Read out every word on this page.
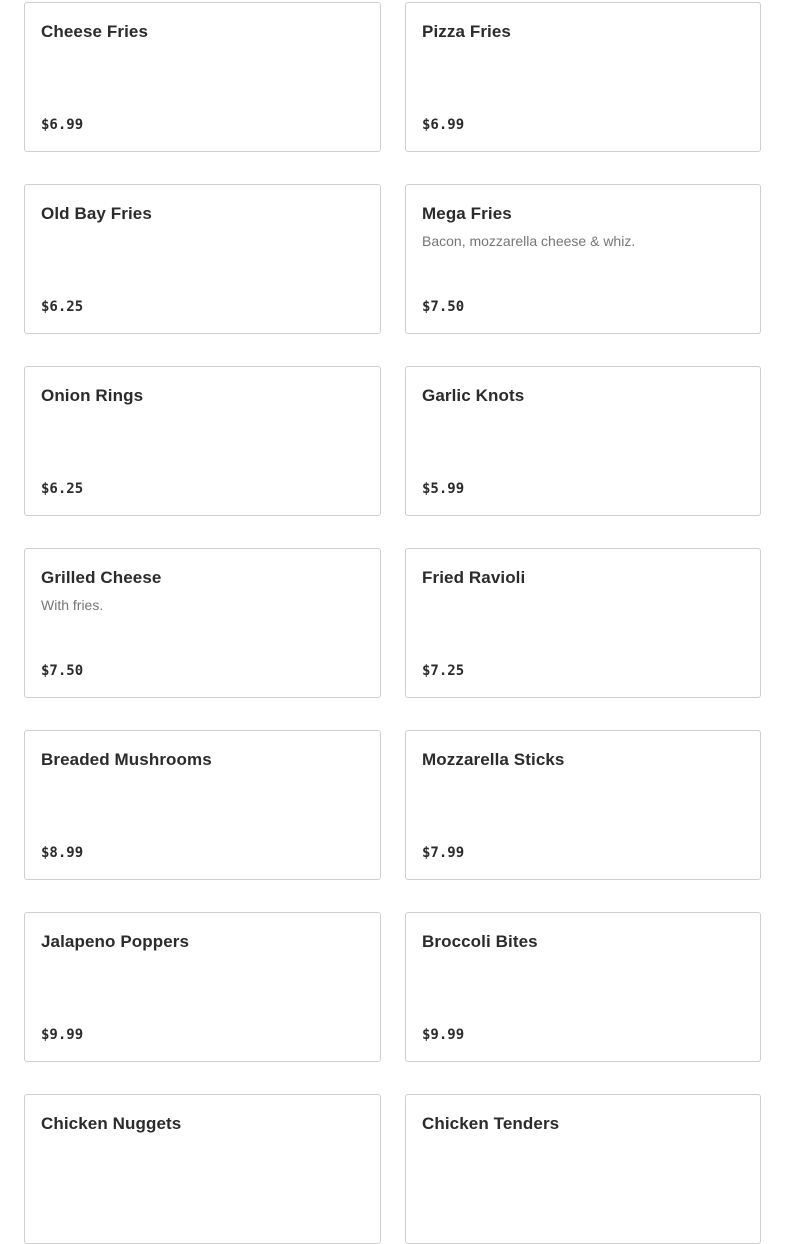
Cheese Fries
$6.99
Pizza Fries
$6.99
Old Bay Fries
$6.25
Mega Fries
Bacon, mozzarella cheese & whiz.
$7.50
Onion Rings
$6.25
Garlic Knots
$5.99
Grilled Cheese
With fries.
$7.50
Fried Ravioli
$7.25
Breaded Mushrooms
$8.99
Mozzarella Sticks
$7.99
Jalapeno Poppers
$9.99
Broccoli Bites
$9.99
Chicken Nuggets	Chicken Tenders
